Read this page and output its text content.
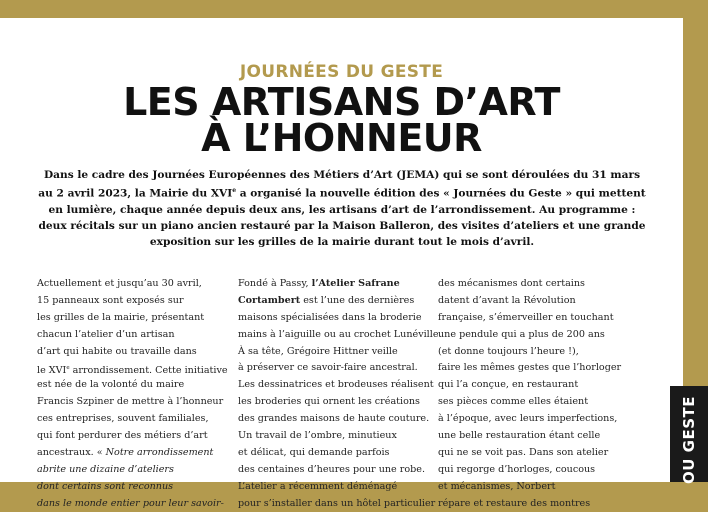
JOURNÉES DU GESTE
LES ARTISANS D’ART
À L’HONNEUR
Dans le cadre des Journées Européennes des Métiers d’Art (JEMA) qui se sont déroulées du 31 mars
au 2 avril 2023, la Mairie du XVIe a organisé la nouvelle édition des « Journées du Geste » qui mettent
en lumière, chaque année depuis deux ans, les artisans d’art de l’arrondissement. Au programme :
deux récitals sur un piano ancien restauré par la Maison Balleron, des visites d’ateliers et une grande
exposition sur les grilles de la mairie durant tout le mois d’avril.
Actuellement et jusqu’au 30 avril,
15 panneaux sont exposés sur
les grilles de la mairie, présentant
chacun l’atelier d’un artisan
d’art qui habite ou travaille dans
le XVIe arrondissement. Cette initiative
est née de la volonté du maire
Francis Szpiner de mettre à l’honneur
ces entreprises, souvent familiales,
qui font perdurer des métiers d’art
ancestraux. « Notre arrondissement
abrite une dizaine d’ateliers
dont certains sont reconnus
dans le monde entier pour leur savoir-
Fondé à Passy, l’Atelier Safrane
Cortambert est l’une des dernières
maisons spécialisées dans la broderie
mains à l’aiguille ou au crochet Lunéville.
À sa tête, Grégoire Hittner veille
à préserver ce savoir-faire ancestral.
Les dessinatrices et brodeuses réalisent
les broderies qui ornent les créations
des grandes maisons de haute couture.
Un travail de l’ombre, minutieux
et délicat, qui demande parfois
des centaines d’heures pour une robe.
L’atelier a récemment déménagé
pour s’installer dans un hôtel particulier
des mécanismes dont certains
datent d’avant la Révolution
française, s’émerveiller en touchant
une pendule qui a plus de 200 ans
(et donne toujours l’heure !),
faire les mêmes gestes que l’horloger
qui l’a conçue, en restaurant
ses pièces comme elles étaient
à l’époque, avec leurs imperfections,
une belle restauration étant celle
qui ne se voit pas. Dans son atelier
qui regorge d’horloges, coucous
et mécanismes, Norbert
répare et restaure des montres
OU GESTE
